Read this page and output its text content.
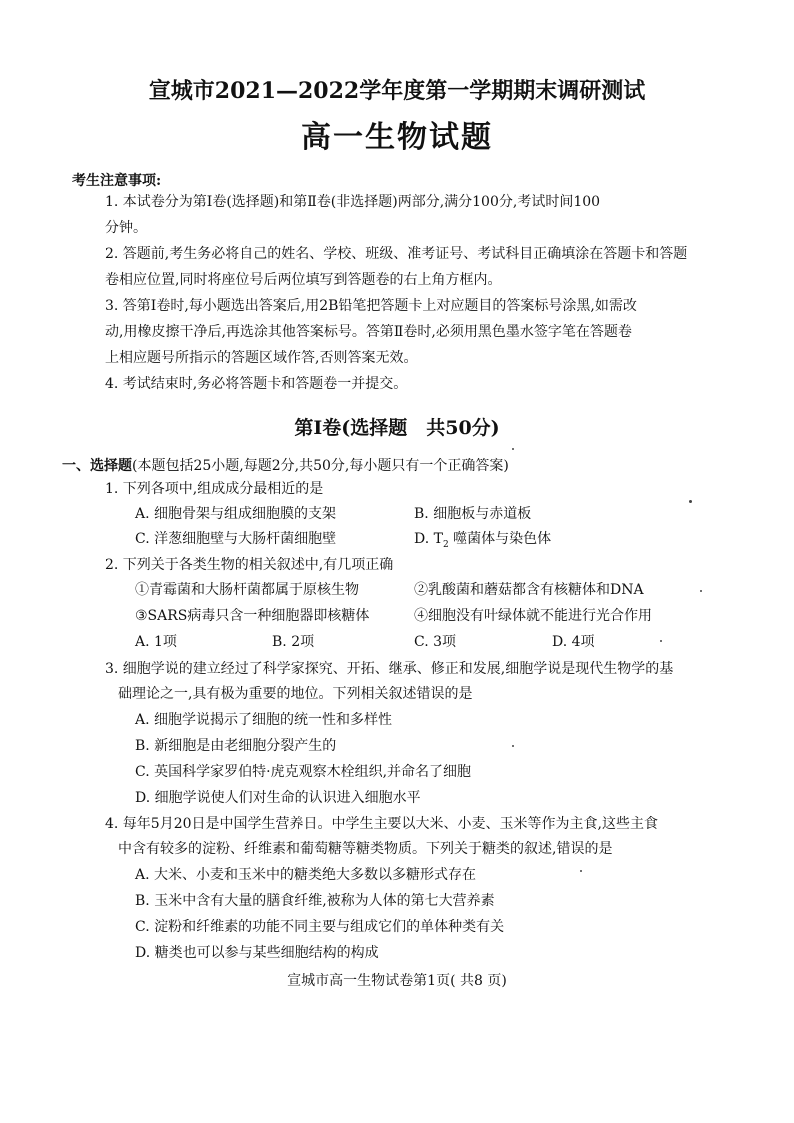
宣城市2021—2022学年度第一学期期末调研测试
高一生物试题
考生注意事项:
1. 本试卷分为第Ⅰ卷(选择题)和第Ⅱ卷(非选择题)两部分,满分100分,考试时间100
分钟。
2. 答题前,考生务必将自己的姓名、学校、班级、准考证号、考试科目正确填涂在答题卡和答题
卷相应位置,同时将座位号后两位填写到答题卷的右上角方框内。
3. 答第Ⅰ卷时,每小题选出答案后,用2B铅笔把答题卡上对应题目的答案标号涂黑,如需改
动,用橡皮擦干净后,再选涂其他答案标号。答第Ⅱ卷时,必须用黑色墨水签字笔在答题卷
上相应题号所指示的答题区域作答,否则答案无效。
4. 考试结束时,务必将答题卡和答题卷一并提交。
第Ⅰ卷(选择题　共50分)
一、选择题(本题包括25小题,每题2分,共50分,每小题只有一个正确答案)
1. 下列各项中,组成成分最相近的是
A. 细胞骨架与组成细胞膜的支架	B. 细胞板与赤道板
C. 洋葱细胞壁与大肠杆菌细胞壁	D. $T_2$ 噬菌体与染色体
2. 下列关于各类生物的相关叙述中,有几项正确
①青霉菌和大肠杆菌都属于原核生物	②乳酸菌和蘑菇都含有核糖体和DNA
③SARS病毒只含一种细胞器即核糖体	④细胞没有叶绿体就不能进行光合作用
A. 1项	B. 2项	C. 3项	D. 4项
3. 细胞学说的建立经过了科学家探究、开拓、继承、修正和发展,细胞学说是现代生物学的基
础理论之一,具有极为重要的地位。下列相关叙述错误的是
A. 细胞学说揭示了细胞的统一性和多样性
B. 新细胞是由老细胞分裂产生的
C. 英国科学家罗伯特·虎克观察木栓组织,并命名了细胞
D. 细胞学说使人们对生命的认识进入细胞水平
4. 每年5月20日是中国学生营养日。中学生主要以大米、小麦、玉米等作为主食,这些主食
中含有较多的淀粉、纤维素和葡萄糖等糖类物质。下列关于糖类的叙述,错误的是
A. 大米、小麦和玉米中的糖类绝大多数以多糖形式存在
B. 玉米中含有大量的膳食纤维,被称为人体的第七大营养素
C. 淀粉和纤维素的功能不同主要与组成它们的单体种类有关
D. 糖类也可以参与某些细胞结构的构成
宣城市高一生物试卷第1页( 共8 页)
